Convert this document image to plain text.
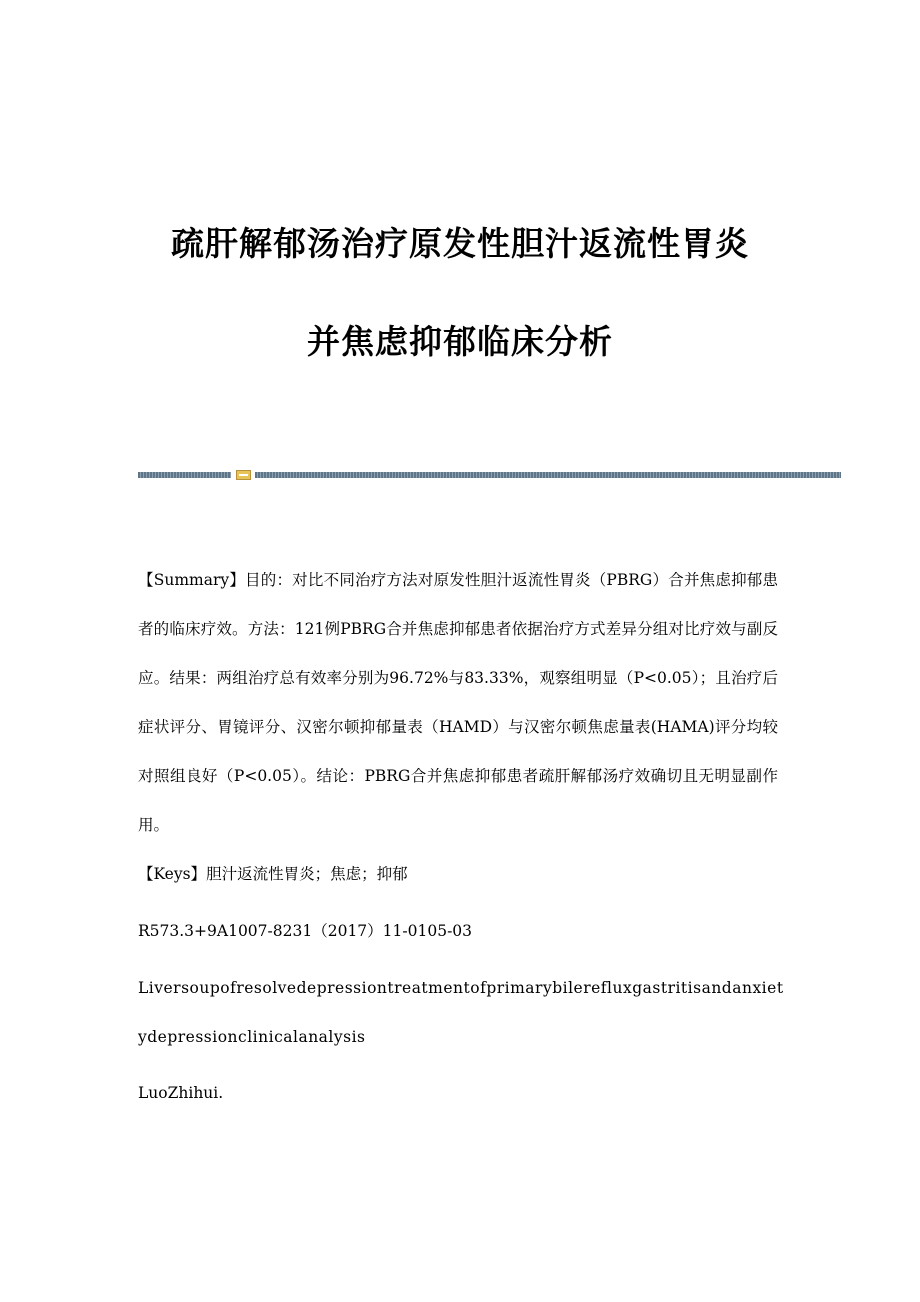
疏肝解郁汤治疗原发性胆汁返流性胃炎
并焦虑抑郁临床分析
【Summary】目的：对比不同治疗方法对原发性胆汁返流性胃炎（PBRG）合并焦虑抑郁患者的临床疗效。方法：121例PBRG合并焦虑抑郁患者依据治疗方式差异分组对比疗效与副反应。结果：两组治疗总有效率分别为96.72%与83.33%，观察组明显（P<0.05）；且治疗后症状评分、胃镜评分、汉密尔顿抑郁量表（HAMD）与汉密尔顿焦虑量表(HAMA)评分均较对照组良好（P<0.05）。结论：PBRG合并焦虑抑郁患者疏肝解郁汤疗效确切且无明显副作用。
【Keys】胆汁返流性胃炎；焦虑；抑郁
R573.3+9A1007-8231（2017）11-0105-03
Liversoupofresolvedepressiontreatmentofprimarybilerefluxgastritisandanxietydepressionclinicalanalysis
LuoZhihui.
